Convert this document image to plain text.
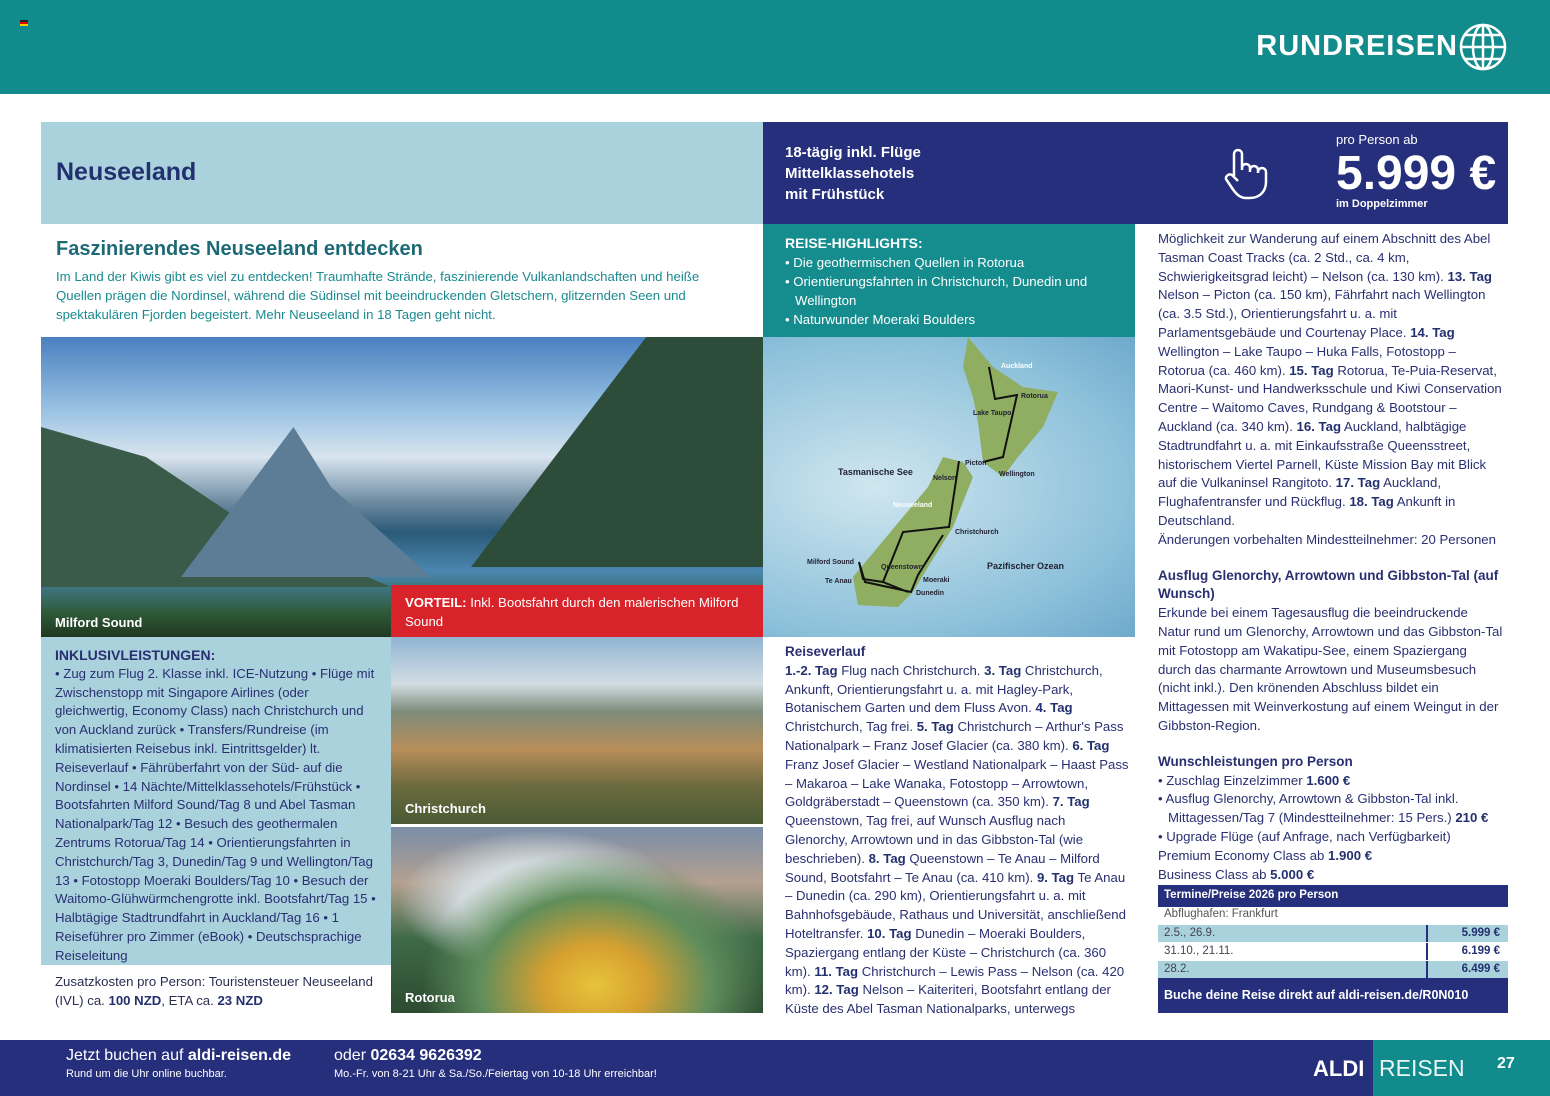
RUNDREISEN
Neuseeland
18-tägig inkl. Flüge
Mittelklassehotels
mit Frühstück
pro Person ab
5.999 €
im Doppelzimmer
Faszinierendes Neuseeland entdecken

Im Land der Kiwis gibt es viel zu entdecken! Traumhafte Strände, faszinierende Vulkanlandschaften und heiße Quellen prägen die Nordinsel, während die Südinsel mit beeindruckenden Gletschern, glitzernden Seen und spektakulären Fjorden begeistert. Mehr Neuseeland in 18 Tagen geht nicht.

REISE-HIGHLIGHTS:
• Die geothermischen Quellen in Rotorua
• Orientierungsfahrten in Christchurch, Dunedin und Wellington
• Naturwunder Moeraki Boulders
Milford Sound
VORTEIL: Inkl. Bootsfahrt durch den malerischen Milford Sound
Auckland
Rotorua
Lake Taupo
Picton
Nelson
Wellington
Tasmanische See
Neuseeland
Christchurch
Milford Sound
Queenstown
Te Anau	Moeraki
Dunedin
Pazifischer Ozean
INKLUSIVLEISTUNGEN:

• Zug zum Flug 2. Klasse inkl. ICE-Nutzung • Flüge mit Zwischenstopp mit Singapore Airlines (oder gleichwertig, Economy Class) nach Christchurch und von Auckland zurück • Transfers/Rundreise (im klimatisierten Reisebus inkl. Eintrittsgelder) lt. Reiseverlauf • Fährüberfahrt von der Süd- auf die Nordinsel • 14 Nächte/Mittelklassehotels/Frühstück • Bootsfahrten Milford Sound/Tag 8 und Abel Tasman Nationalpark/Tag 12 • Besuch des geothermalen Zentrums Rotorua/Tag 14 • Orientierungsfahrten in Christchurch/Tag 3, Dunedin/Tag 9 und Wellington/Tag 13 • Fotostopp Moeraki Boulders/Tag 10 • Besuch der Waitomo-Glühwürmchengrotte inkl. Bootsfahrt/Tag 15 • Halbtägige Stadtrundfahrt in Auckland/Tag 16 • 1 Reiseführer pro Zimmer (eBook) • Deutschsprachige Reiseleitung

Zusatzkosten pro Person: Touristensteuer Neuseeland (IVL) ca. 100 NZD, ETA ca. 23 NZD
Christchurch
Rotorua
Reiseverlauf

1.-2. Tag Flug nach Christchurch. 3. Tag Christchurch, Ankunft, Orientierungsfahrt u. a. mit Hagley-Park, Botanischem Garten und dem Fluss Avon. 4. Tag Christchurch, Tag frei. 5. Tag Christchurch – Arthur's Pass Nationalpark – Franz Josef Glacier (ca. 380 km). 6. Tag Franz Josef Glacier – Westland Nationalpark – Haast Pass – Makaroa – Lake Wanaka, Fotostopp – Arrowtown, Goldgräberstadt – Queenstown (ca. 350 km). 7. Tag Queenstown, Tag frei, auf Wunsch Ausflug nach Glenorchy, Arrowtown und in das Gibbston-Tal (wie beschrieben). 8. Tag Queenstown – Te Anau – Milford Sound, Bootsfahrt – Te Anau (ca. 410 km). 9. Tag Te Anau – Dunedin (ca. 290 km), Orientierungsfahrt u. a. mit Bahnhofsgebäude, Rathaus und Universität, anschließend Hoteltransfer. 10. Tag Dunedin – Moeraki Boulders, Spaziergang entlang der Küste – Christchurch (ca. 360 km). 11. Tag Christchurch – Lewis Pass – Nelson (ca. 420 km). 12. Tag Nelson – Kaiteriteri, Bootsfahrt entlang der Küste des Abel Tasman Nationalparks, unterwegs

Möglichkeit zur Wanderung auf einem Abschnitt des Abel Tasman Coast Tracks (ca. 2 Std., ca. 4 km, Schwierigkeitsgrad leicht) – Nelson (ca. 130 km). 13. Tag Nelson – Picton (ca. 150 km), Fährfahrt nach Wellington (ca. 3.5 Std.), Orientierungsfahrt u. a. mit Parlamentsgebäude und Courtenay Place. 14. Tag Wellington – Lake Taupo – Huka Falls, Fotostopp – Rotorua (ca. 460 km). 15. Tag Rotorua, Te-Puia-Reservat, Maori-Kunst- und Handwerksschule und Kiwi Conservation Centre – Waitomo Caves, Rundgang & Bootstour – Auckland (ca. 340 km). 16. Tag Auckland, halbtägige Stadtrundfahrt u. a. mit Einkaufsstraße Queensstreet, historischem Viertel Parnell, Küste Mission Bay mit Blick auf die Vulkaninsel Rangitoto. 17. Tag Auckland, Flughafentransfer und Rückflug. 18. Tag Ankunft in Deutschland.

Änderungen vorbehalten Mindestteilnehmer: 20 Personen

Ausflug Glenorchy, Arrowtown und Gibbston-Tal (auf Wunsch)

Erkunde bei einem Tagesausflug die beeindruckende Natur rund um Glenorchy, Arrowtown und das Gibbston-Tal mit Fotostopp am Wakatipu-See, einem Spaziergang durch das charmante Arrowtown und Museumsbesuch (nicht inkl.). Den krönenden Abschluss bildet ein Mittagessen mit Weinverkostung auf einem Weingut in der Gibbston-Region.

Wunschleistungen pro Person
• Zuschlag Einzelzimmer 1.600 €
• Ausflug Glenorchy, Arrowtown & Gibbston-Tal inkl. Mittagessen/Tag 7 (Mindestteilnehmer: 15 Pers.) 210 €
• Upgrade Flüge (auf Anfrage, nach Verfügbarkeit)
Premium Economy Class ab 1.900 €
Business Class ab 5.000 €
Termine/Preise 2026 pro Person
Abflughafen: Frankfurt
2.5., 26.9.	5.999 €
31.10., 21.11.	6.199 €
28.2.	6.499 €
Buche deine Reise direkt auf aldi-reisen.de/R0N010
Jetzt buchen auf aldi-reisen.de
Rund um die Uhr online buchbar.
oder 02634 9626392
Mo.-Fr. von 8-21 Uhr & Sa./So./Feiertag von 10-18 Uhr erreichbar!	ALDI REISEN 27
